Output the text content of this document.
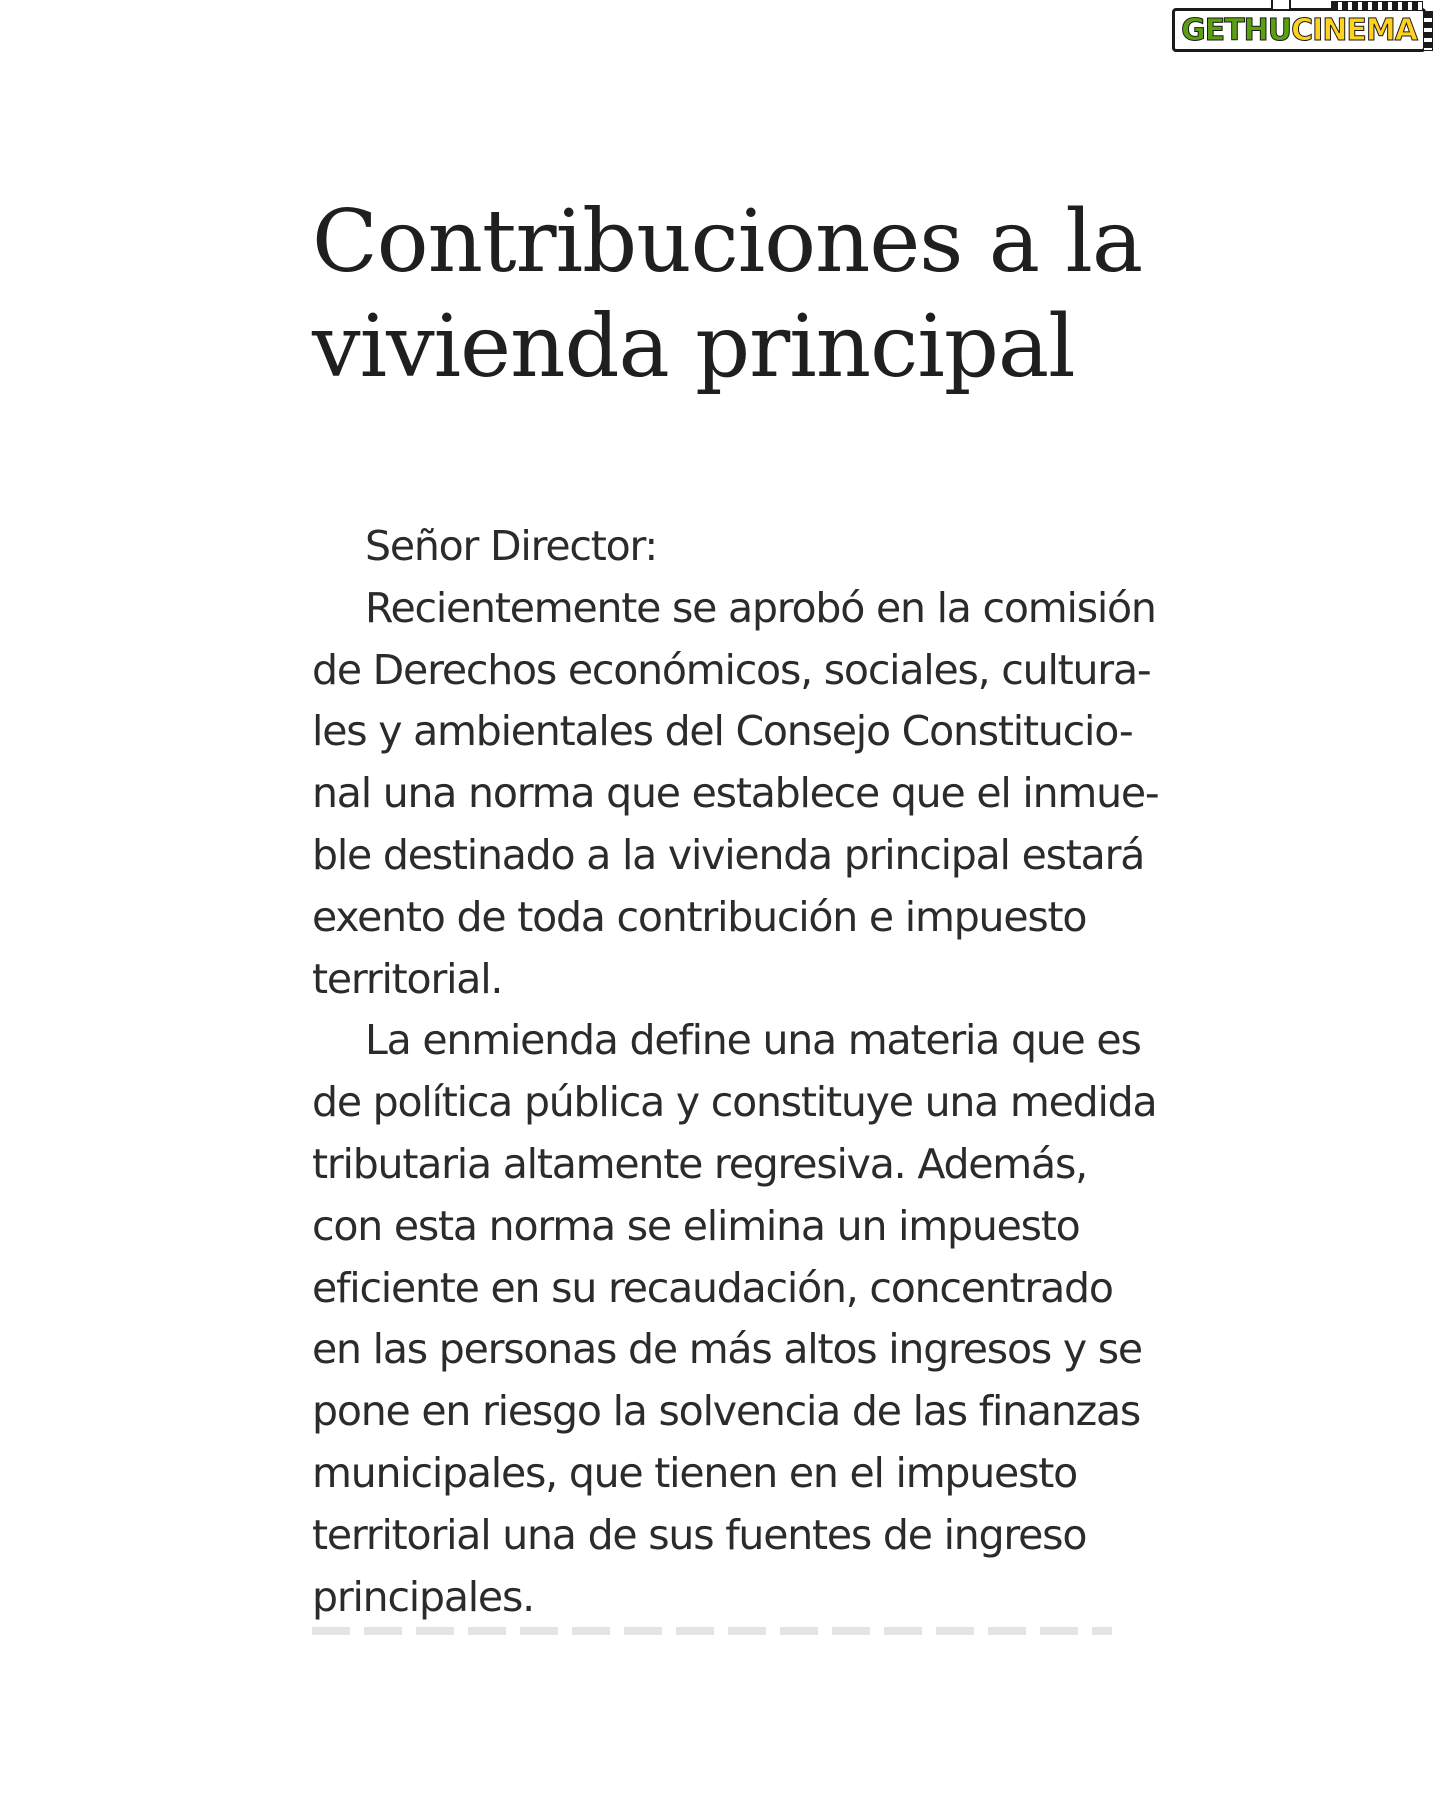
GETHU CINEMA
Contribuciones a la
vivienda principal

Señor Director:

Recientemente se aprobó en la comisión
de Derechos económicos, sociales, cultura-
les y ambientales del Consejo Constitucio-
nal una norma que establece que el inmue-
ble destinado a la vivienda principal estará
exento de toda contribución e impuesto
territorial.

La enmienda define una materia que es
de política pública y constituye una medida
tributaria altamente regresiva. Además,
con esta norma se elimina un impuesto
eficiente en su recaudación, concentrado
en las personas de más altos ingresos y se
pone en riesgo la solvencia de las finanzas
municipales, que tienen en el impuesto
territorial una de sus fuentes de ingreso
principales.
